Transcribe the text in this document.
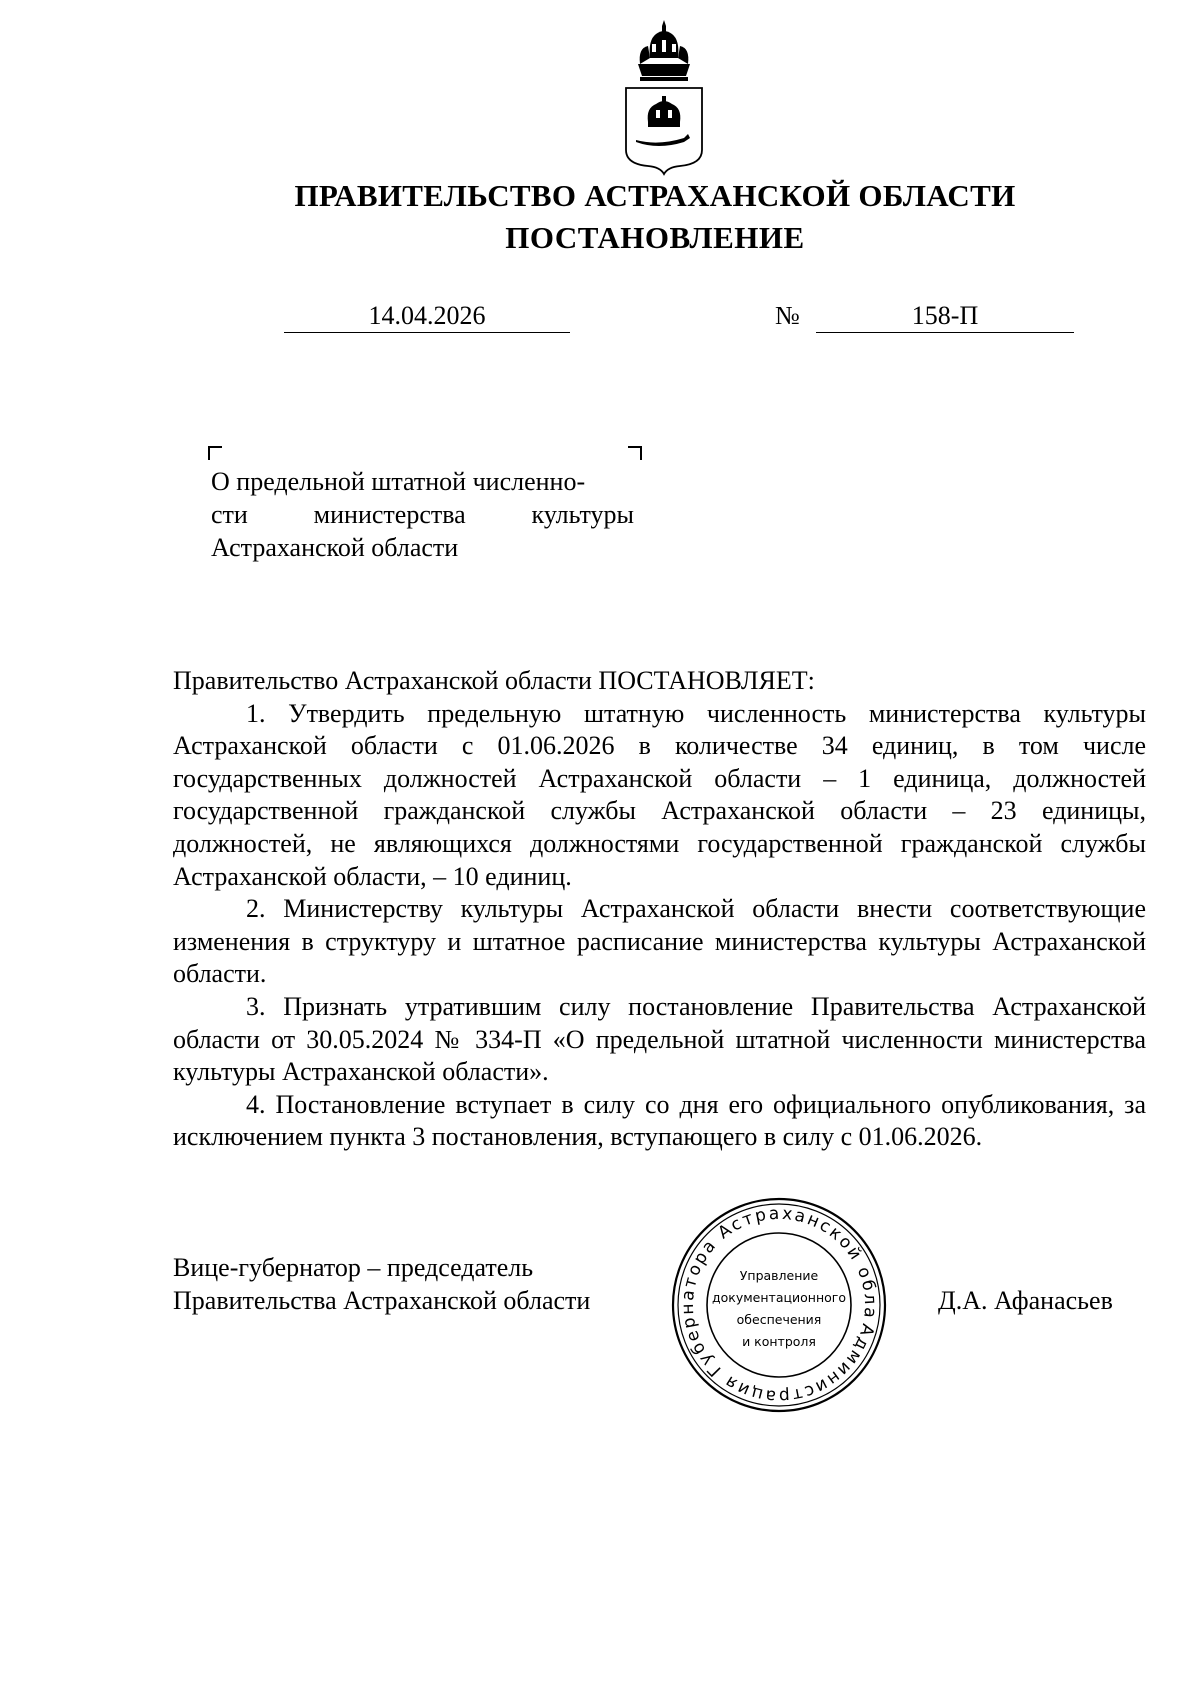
ПРАВИТЕЛЬСТВО АСТРАХАНСКОЙ ОБЛАСТИ
ПОСТАНОВЛЕНИЕ
14.04.2026	№	158-П
О предельной штатной численно-
сти министерства культуры
Астраханской области

Правительство Астраханской области ПОСТАНОВЛЯЕТ:

1. Утвердить предельную штатную численность министерства культуры Астраханской области с 01.06.2026 в количестве 34 единиц, в том числе государственных должностей Астраханской области – 1 единица, должностей государственной гражданской службы Астраханской области – 23 единицы, должностей, не являющихся должностями государственной гражданской службы Астраханской области, – 10 единиц.

2. Министерству культуры Астраханской области внести соответствующие изменения в структуру и штатное расписание министерства культуры Астраханской области.

3. Признать утратившим силу постановление Правительства Астраханской области от 30.05.2024 № 334-П «О предельной штатной численности министерства культуры Астраханской области».

4. Постановление вступает в силу со дня его официального опубликования, за исключением пункта 3 постановления, вступающего в силу с 01.06.2026.

Вице-губернатор – председатель
Правительства Астраханской области	Д.А. Афанасьев
Администрация Губернатора Астраханской области
Управление
документационного
обеспечения
и контроля
